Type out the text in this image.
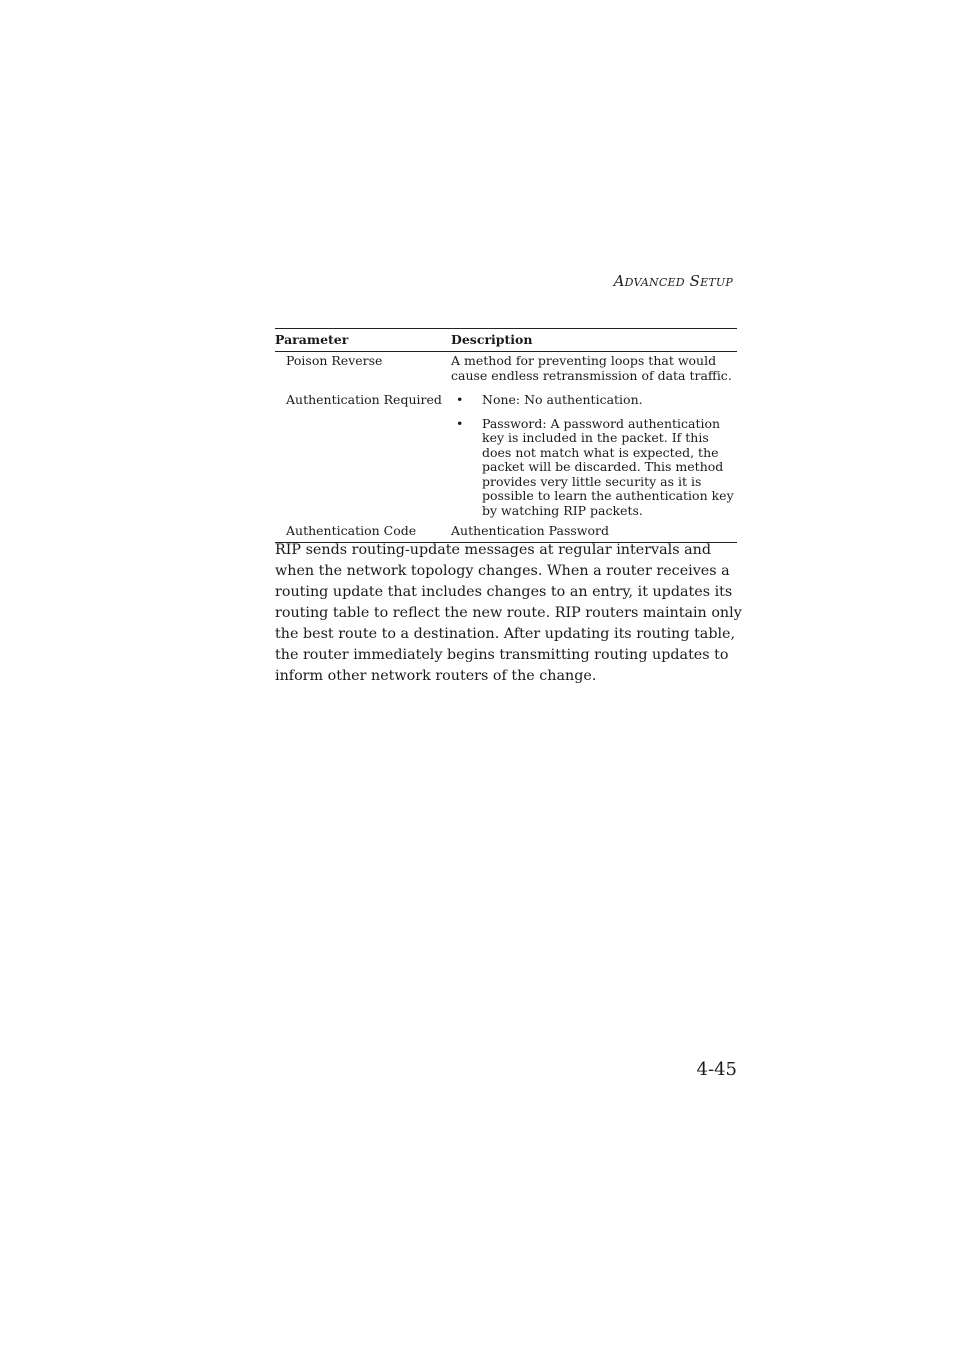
Advanced Setup
Parameter	Description
Poison Reverse	A method for preventing loops that would cause endless retransmission of data traffic.
Authentication Required	•	None: No authentication.
•	Password: A password authentication key is included in the packet. If this does not match what is expected, the packet will be discarded. This method provides very little security as it is possible to learn the authentication key by watching RIP packets.
Authentication Code	Authentication Password

RIP sends routing-update messages at regular intervals and when the network topology changes. When a router receives a routing update that includes changes to an entry, it updates its routing table to reflect the new route. RIP routers maintain only the best route to a destination. After updating its routing table, the router immediately begins transmitting routing updates to inform other network routers of the change.

4-45
